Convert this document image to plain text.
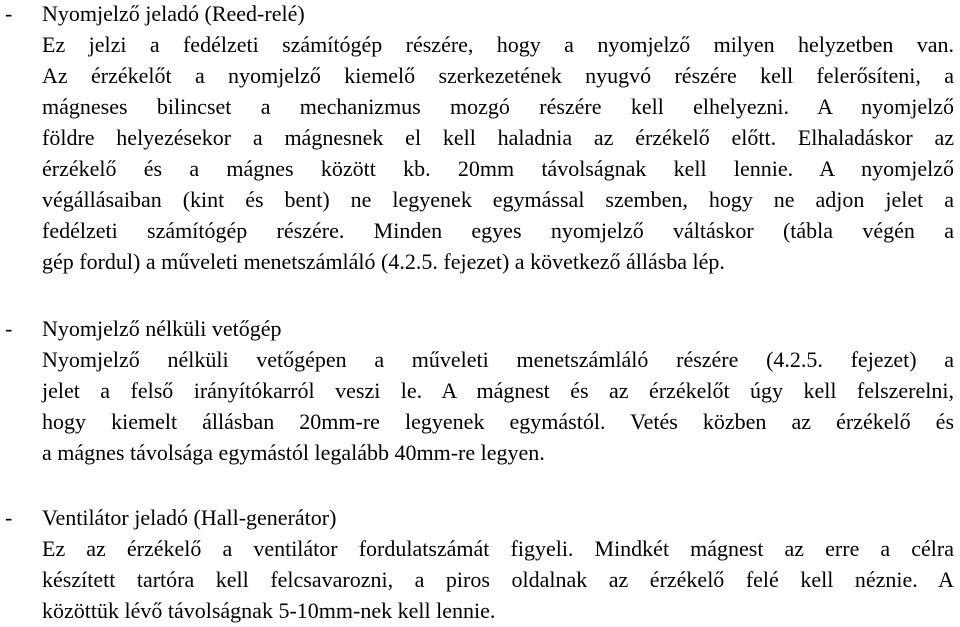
- Nyomjelző jeladó (Reed-relé)
Ez jelzi a fedélzeti számítógép részére, hogy a nyomjelző milyen helyzetben van.
Az érzékelőt a nyomjelző kiemelő szerkezetének nyugvó részére kell felerősíteni, a
mágneses bilincset a mechanizmus mozgó részére kell elhelyezni. A nyomjelző
földre helyezésekor a mágnesnek el kell haladnia az érzékelő előtt. Elhaladáskor az
érzékelő és a mágnes között kb. 20mm távolságnak kell lennie. A nyomjelző
végállásaiban (kint és bent) ne legyenek egymással szemben, hogy ne adjon jelet a
fedélzeti számítógép részére. Minden egyes nyomjelző váltáskor (tábla végén a
gép fordul) a műveleti menetszámláló (4.2.5. fejezet) a következő állásba lép.
- Nyomjelző nélküli vetőgép
Nyomjelző nélküli vetőgépen a műveleti menetszámláló részére (4.2.5. fejezet) a
jelet a felső irányítókarról veszi le. A mágnest és az érzékelőt úgy kell felszerelni,
hogy kiemelt állásban 20mm-re legyenek egymástól. Vetés közben az érzékelő és
a mágnes távolsága egymástól legalább 40mm-re legyen.
- Ventilátor jeladó (Hall-generátor)
Ez az érzékelő a ventilátor fordulatszámát figyeli. Mindkét mágnest az erre a célra
készített tartóra kell felcsavarozni, a piros oldalnak az érzékelő felé kell néznie. A
közöttük lévő távolságnak 5-10mm-nek kell lennie.
